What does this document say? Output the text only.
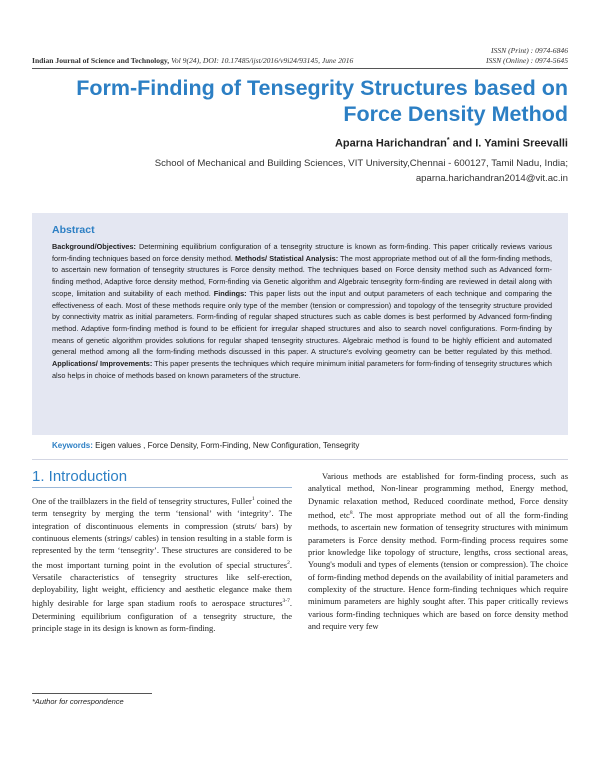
ISSN (Print) : 0974-6846
ISSN (Online) : 0974-5645
Indian Journal of Science and Technology, Vol 9(24), DOI: 10.17485/ijst/2016/v9i24/93145, June 2016
Form-Finding of Tensegrity Structures based on Force Density Method
Aparna Harichandran* and I. Yamini Sreevalli
School of Mechanical and Building Sciences, VIT University,Chennai - 600127, Tamil Nadu, India;
aparna.harichandran2014@vit.ac.in
Abstract
Background/Objectives: Determining equilibrium configuration of a tensegrity structure is known as form-finding. This paper critically reviews various form-finding techniques based on force density method. Methods/ Statistical Analysis: The most appropriate method out of all the form-finding methods, to ascertain new formation of tensegrity structures is Force density method. The techniques based on Force density method such as Advanced form-finding method, Adaptive force density method, Form-finding via Genetic algorithm and Algebraic tensegrity form-finding are reviewed in detail along with scope, limitation and suitability of each method. Findings: This paper lists out the input and output parameters of each technique and comparing the effectiveness of each. Most of these methods require only type of the member (tension or compression) and topology of the tensegrity structure provided by connectivity matrix as initial parameters. Form-finding of regular shaped structures such as cable domes is best performed by Advanced form-finding method. Adaptive form-finding method is found to be efficient for irregular shaped structures and also to search novel configurations. Form-finding by means of genetic algorithm provides solutions for regular shaped tensegrity structures. Algebraic method is found to be highly efficient and automated general method among all the form-finding methods discussed in this paper. A structure's evolving geometry can be better regulated by this method. Applications/ Improvements: This paper presents the techniques which require minimum initial parameters for form-finding of tensegrity structures which also helps in choice of methods based on known parameters of the structure.
Keywords: Eigen values , Force Density, Form-Finding, New Configuration, Tensegrity
1. Introduction
One of the trailblazers in the field of tensegrity structures, Fuller$^1$ coined the term tensegrity by merging the term ‘tensional’ with ‘integrity’. The integration of discontinuous elements in compression (struts/ bars) by continuous elements (strings/ cables) in tension resulting in a stable form is represented by the term ‘tensegrity’. These structures are considered to be the most important turning point in the evolution of special structures$^2$. Versatile characteristics of tensegrity structures like self-erection, deployability, light weight, efficiency and aesthetic elegance make them highly desirable for large span stadium roofs to aerospace structures$^{3-7}$. Determining equilibrium configuration of a tensegrity structure, the principle stage in its design is known as form-finding.
Various methods are established for form-finding process, such as analytical method, Non-linear programming method, Energy method, Dynamic relaxation method, Reduced coordinate method, Force density method, etc$^8$. The most appropriate method out of all the form-finding methods, to ascertain new formation of tensegrity structures with minimum parameters is Force density method. Form-finding process requires some prior knowledge like topology of structure, lengths, cross sectional areas, Young's moduli and types of elements (tension or compression). The choice of form-finding method depends on the availability of initial parameters and complexity of the structure. Hence form-finding techniques which require minimum parameters are highly sought after. This paper critically reviews various form-finding techniques which are based on force density method and require very few
*Author for correspondence
